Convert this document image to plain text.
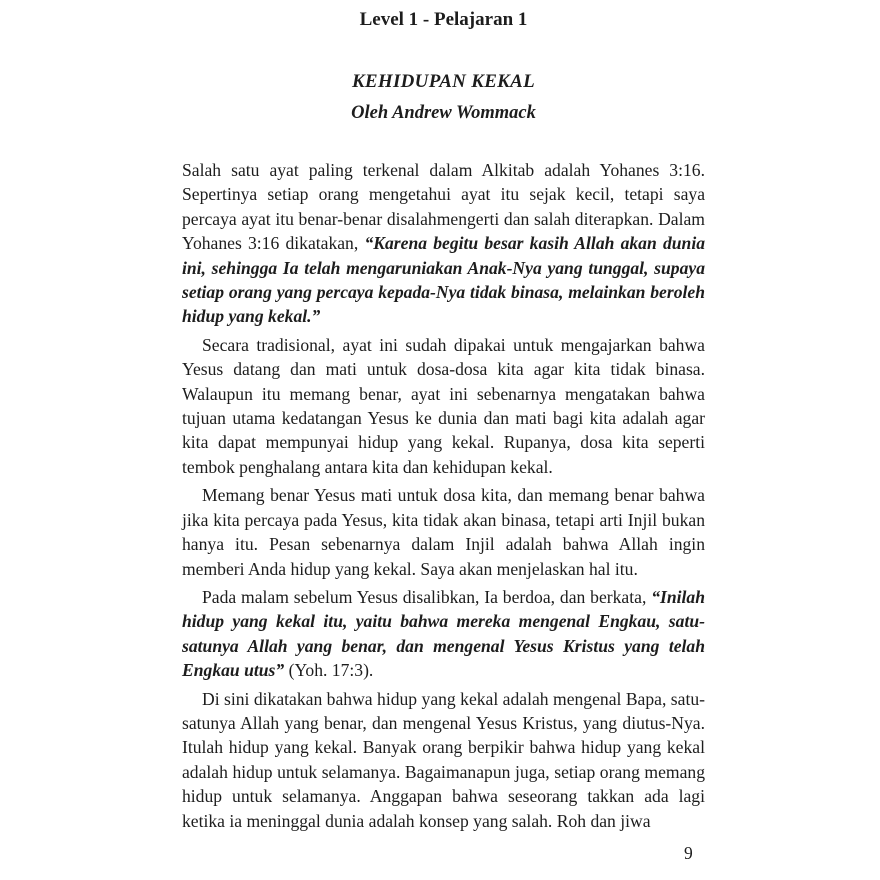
Level 1 - Pelajaran 1
KEHIDUPAN KEKAL
Oleh Andrew Wommack

Salah satu ayat paling terkenal dalam Alkitab adalah Yohanes 3:16. Sepertinya setiap orang mengetahui ayat itu sejak kecil, tetapi saya percaya ayat itu benar-benar disalahmengerti dan salah diterapkan. Dalam Yohanes 3:16 dikatakan, “Karena begitu besar kasih Allah akan dunia ini, sehingga Ia telah mengaruniakan Anak-Nya yang tunggal, supaya setiap orang yang percaya kepada-Nya tidak binasa, melainkan beroleh hidup yang kekal.”

Secara tradisional, ayat ini sudah dipakai untuk mengajarkan bahwa Yesus datang dan mati untuk dosa-dosa kita agar kita tidak binasa. Walaupun itu memang benar, ayat ini sebenarnya mengatakan bahwa tujuan utama kedatangan Yesus ke dunia dan mati bagi kita adalah agar kita dapat mempunyai hidup yang kekal. Rupanya, dosa kita seperti tembok penghalang antara kita dan kehidupan kekal.

Memang benar Yesus mati untuk dosa kita, dan memang benar bahwa jika kita percaya pada Yesus, kita tidak akan binasa, tetapi arti Injil bukan hanya itu. Pesan sebenarnya dalam Injil adalah bahwa Allah ingin memberi Anda hidup yang kekal. Saya akan menjelaskan hal itu.

Pada malam sebelum Yesus disalibkan, Ia berdoa, dan berkata, “Inilah hidup yang kekal itu, yaitu bahwa mereka mengenal Engkau, satu-satunya Allah yang benar, dan mengenal Yesus Kristus yang telah Engkau utus” (Yoh. 17:3).

Di sini dikatakan bahwa hidup yang kekal adalah mengenal Bapa, satu-satunya Allah yang benar, dan mengenal Yesus Kristus, yang diutus-Nya. Itulah hidup yang kekal. Banyak orang berpikir bahwa hidup yang kekal adalah hidup untuk selamanya. Bagaimanapun juga, setiap orang memang hidup untuk selamanya. Anggapan bahwa seseorang takkan ada lagi ketika ia meninggal dunia adalah konsep yang salah. Roh dan jiwa

9
